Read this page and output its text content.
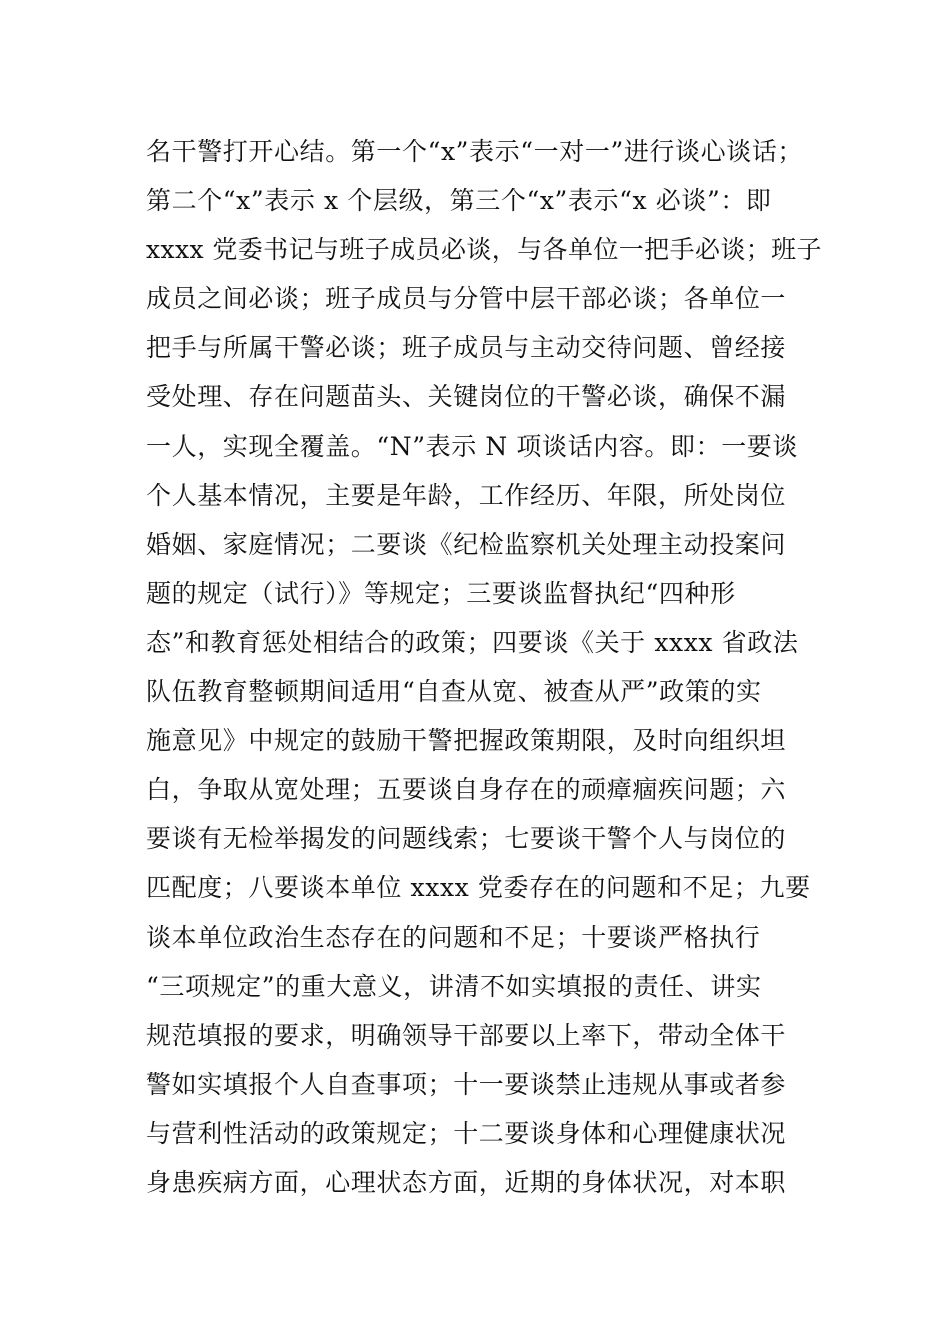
名干警打开心结。第一个“x”表示“一对一”进行谈心谈话；
第二个“x”表示 x 个层级，第三个“x”表示“x 必谈”：即
xxxx 党委书记与班子成员必谈，与各单位一把手必谈；班子
成员之间必谈；班子成员与分管中层干部必谈；各单位一
把手与所属干警必谈；班子成员与主动交待问题、曾经接
受处理、存在问题苗头、关键岗位的干警必谈，确保不漏
一人，实现全覆盖。“N”表示 N 项谈话内容。即：一要谈
个人基本情况，主要是年龄，工作经历、年限，所处岗位
婚姻、家庭情况；二要谈《纪检监察机关处理主动投案问
题的规定（试行）》等规定；三要谈监督执纪“四种形
态”和教育惩处相结合的政策；四要谈《关于 xxxx 省政法
队伍教育整顿期间适用“自查从宽、被查从严”政策的实
施意见》中规定的鼓励干警把握政策期限，及时向组织坦
白，争取从宽处理；五要谈自身存在的顽瘴痼疾问题；六
要谈有无检举揭发的问题线索；七要谈干警个人与岗位的
匹配度；八要谈本单位 xxxx 党委存在的问题和不足；九要
谈本单位政治生态存在的问题和不足；十要谈严格执行
“三项规定”的重大意义，讲清不如实填报的责任、讲实
规范填报的要求，明确领导干部要以上率下，带动全体干
警如实填报个人自查事项；十一要谈禁止违规从事或者参
与营利性活动的政策规定；十二要谈身体和心理健康状况
身患疾病方面，心理状态方面，近期的身体状况，对本职
